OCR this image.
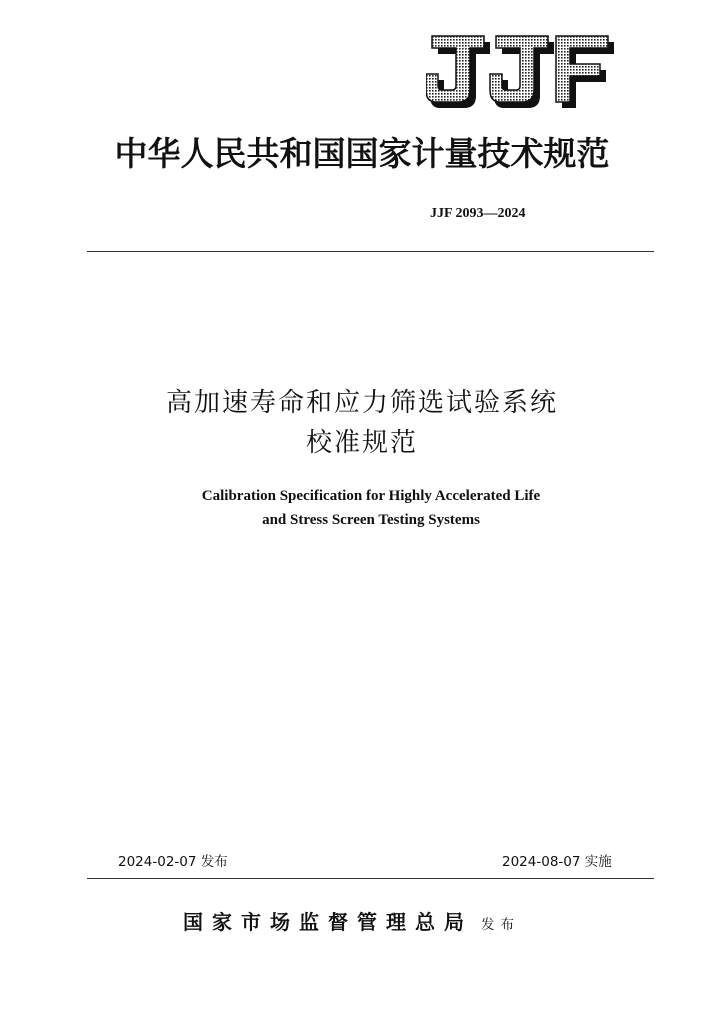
中华人民共和国国家计量技术规范
JJF 2093—2024
高加速寿命和应力筛选试验系统
校准规范
Calibration Specification for Highly Accelerated Life
and Stress Screen Testing Systems
2024-02-07 发布	2024-08-07 实施
国家市场监督管理总局 发布
